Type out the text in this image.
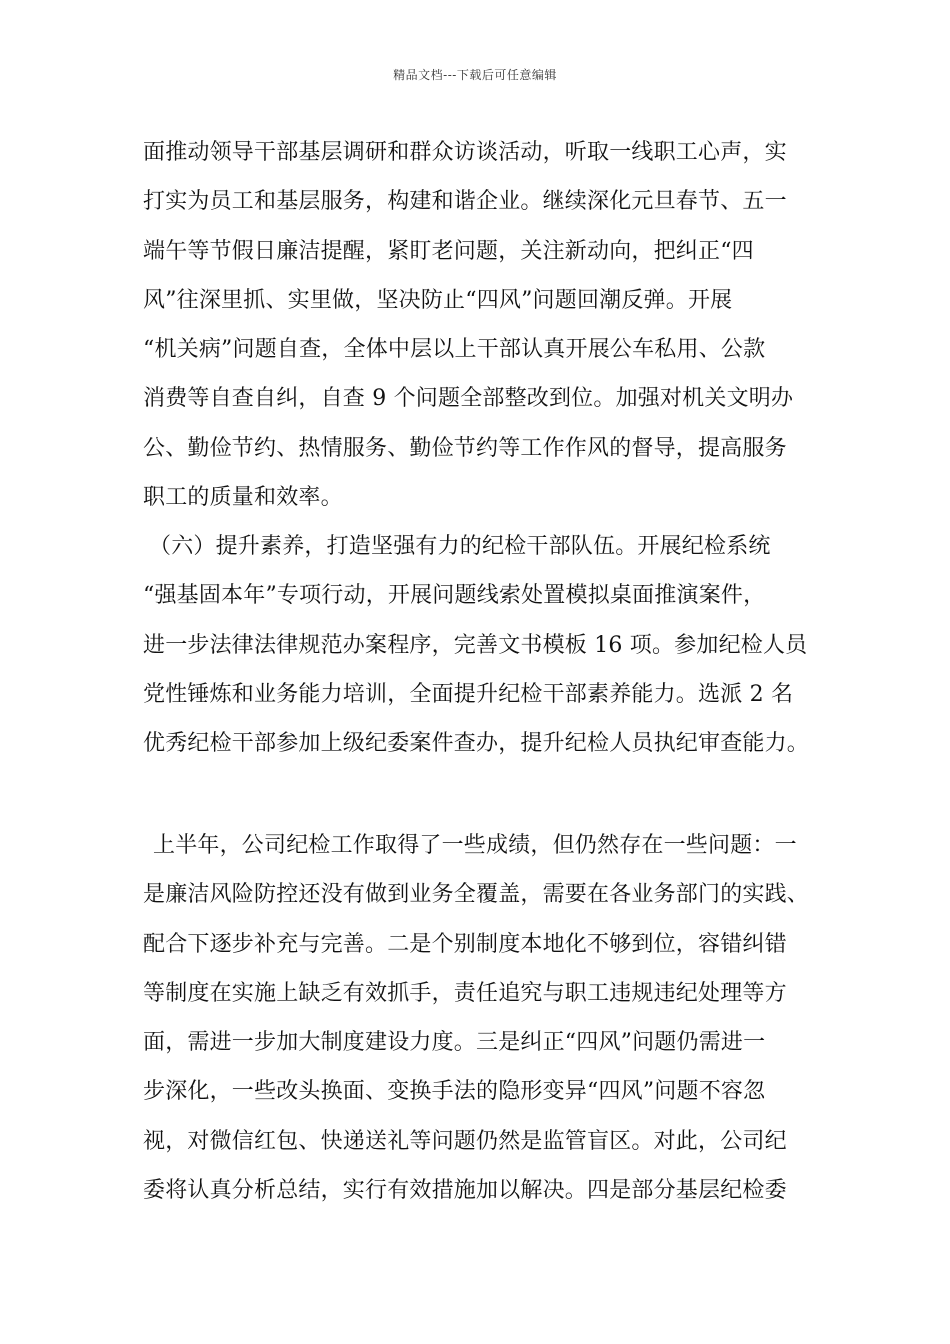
精品文档---下载后可任意编辑
面推动领导干部基层调研和群众访谈活动，听取一线职工心声，实
打实为员工和基层服务，构建和谐企业。继续深化元旦春节、五一
端午等节假日廉洁提醒，紧盯老问题，关注新动向，把纠正“四
风”往深里抓、实里做，坚决防止“四风”问题回潮反弹。开展
“机关病”问题自查，全体中层以上干部认真开展公车私用、公款
消费等自查自纠，自查 9 个问题全部整改到位。加强对机关文明办
公、勤俭节约、热情服务、勤俭节约等工作作风的督导，提高服务
职工的质量和效率。
（六）提升素养，打造坚强有力的纪检干部队伍。开展纪检系统
“强基固本年”专项行动，开展问题线索处置模拟桌面推演案件，
进一步法律法律规范办案程序，完善文书模板 16 项。参加纪检人员
党性锤炼和业务能力培训，全面提升纪检干部素养能力。选派 2 名
优秀纪检干部参加上级纪委案件查办，提升纪检人员执纪审查能力。
上半年，公司纪检工作取得了一些成绩，但仍然存在一些问题：一
是廉洁风险防控还没有做到业务全覆盖，需要在各业务部门的实践、
配合下逐步补充与完善。二是个别制度本地化不够到位，容错纠错
等制度在实施上缺乏有效抓手，责任追究与职工违规违纪处理等方
面，需进一步加大制度建设力度。三是纠正“四风”问题仍需进一
步深化，一些改头换面、变换手法的隐形变异“四风”问题不容忽
视，对微信红包、快递送礼等问题仍然是监管盲区。对此，公司纪
委将认真分析总结，实行有效措施加以解决。四是部分基层纪检委
